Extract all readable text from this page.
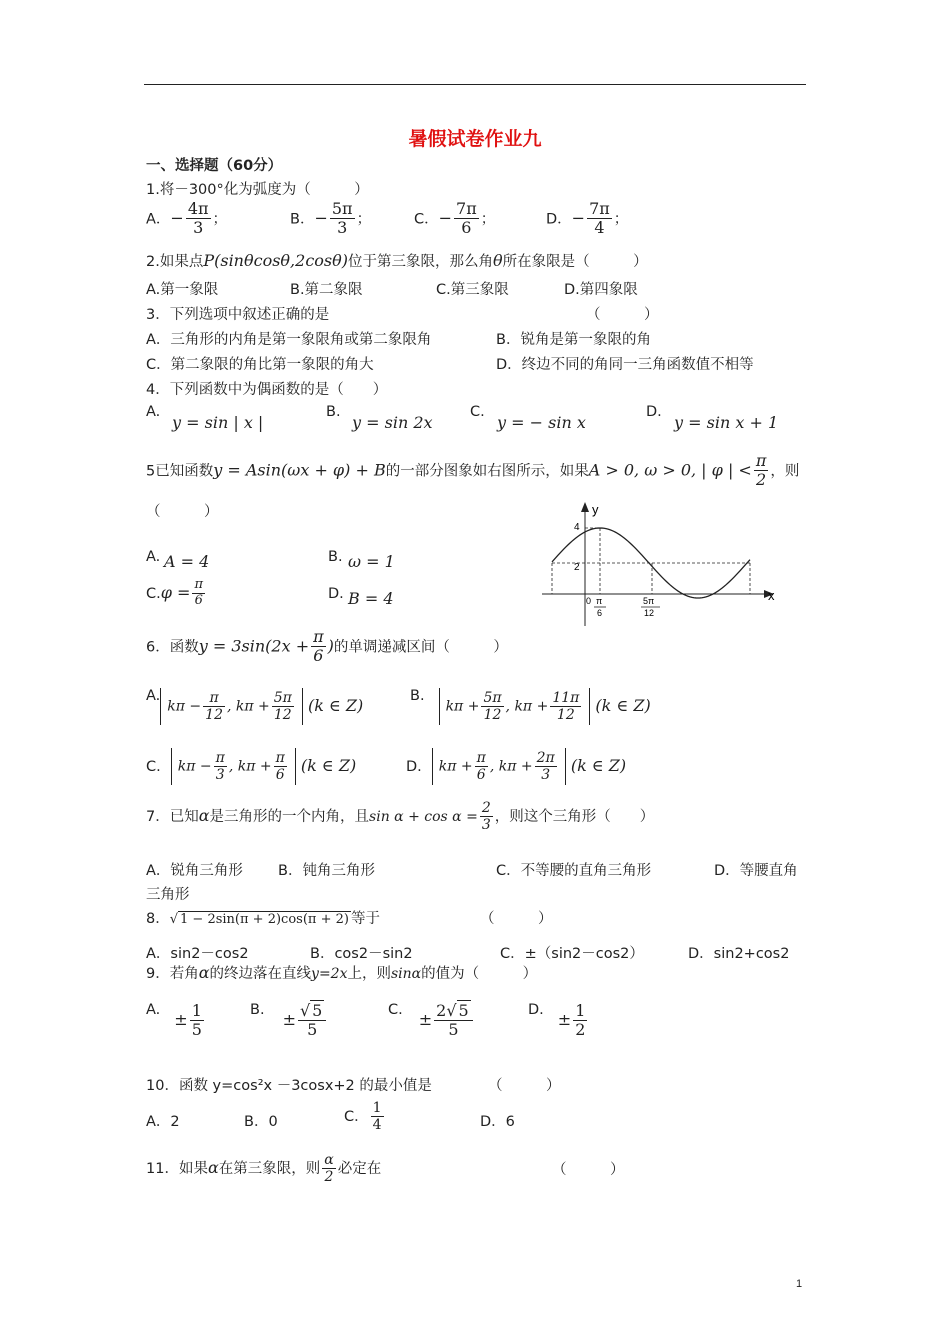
暑假试卷作业九
一、选择题（60分）
1.将－300°化为弧度为（　　　）
A．− $\frac{4\pi}{3}$ ；	B．− $\frac{5\pi}{3}$ ；	C．− $\frac{7\pi}{6}$ ；	D．− $\frac{7\pi}{4}$ ；
2.如果点P(sinθcosθ,2cosθ)位于第三象限，那么角θ所在象限是（　　　）
A.第一象限	B.第二象限	C.第三象限	D.第四象限
3．下列选项中叙述正确的是	（　　　）
A．三角形的内角是第一象限角或第二象限角	B．锐角是第一象限的角
C．第二象限的角比第一象限的角大	D．终边不同的角同一三角函数值不相等
4．下列函数中为偶函数的是（　　）
A.
y = sin | x |
B.
y = sin 2x
C.
y = − sin x
D.
y = sin x + 1
5已知函数y = Asin(ωx + φ) + B的一部分图象如右图所示，如果A > 0, ω > 0, | φ | < $\frac{\pi}{2}$ ，则
（　　　）
A. A = 4	B. ω = 1
$C.\varphi = \frac{\pi}{6}$	D. B = 4
y
x
4
2
0 π
6
5π
12
6．函数$y = 3\sin(2x + \frac{\pi}{6}$ )的单调递减区间（　　　）
$A.k\pi - \frac{\pi}{12}$ , $k\pi + \frac{5\pi}{12} (k$ ∈ Z)
$B.k\pi + \frac{5\pi}{12}$ , $k\pi + \frac{11\pi}{12} (k$ ∈ Z)
C. $k\pi - \frac{\pi}{3}$ , $k\pi + \frac{\pi}{6} (k$ ∈ Z)	D. $k\pi + \frac{\pi}{6}$ , $k\pi + \frac{2\pi}{3} (k$ ∈ Z)
7．已知α是三角形的一个内角，且$\sin \alpha + \cos \alpha = \frac{2}{3}$ ，则这个三角形（　　）
A．锐角三角形 B．钝角三角形	C．不等腰的直角三角形	D．等腰直角
三角形
8．√ 1 − 2sin(π + 2)cos(π + 2) 等于	（　　　）
A．sin2－cos2	B．cos2－sin2	C．±（sin2－cos2）	D．sin2+cos2
9．若角α的终边落在直线y=2x上，则sinα的值为（　　　）
$A.\pm \frac{1}{5}$	$B.\pm \frac{√ 5}{5}$	$C.\pm \frac{2√ 5}{5}$	$D.\pm \frac{1}{2}$
10．函数 y=cos²x －3cosx+2 的最小值是	（　　　）
A．2	B．0	C． $\frac{1}{4}$	D．6
11．如果α在第三象限，则 $\frac{\alpha}{2}$ 必定在	（　　　）
1
